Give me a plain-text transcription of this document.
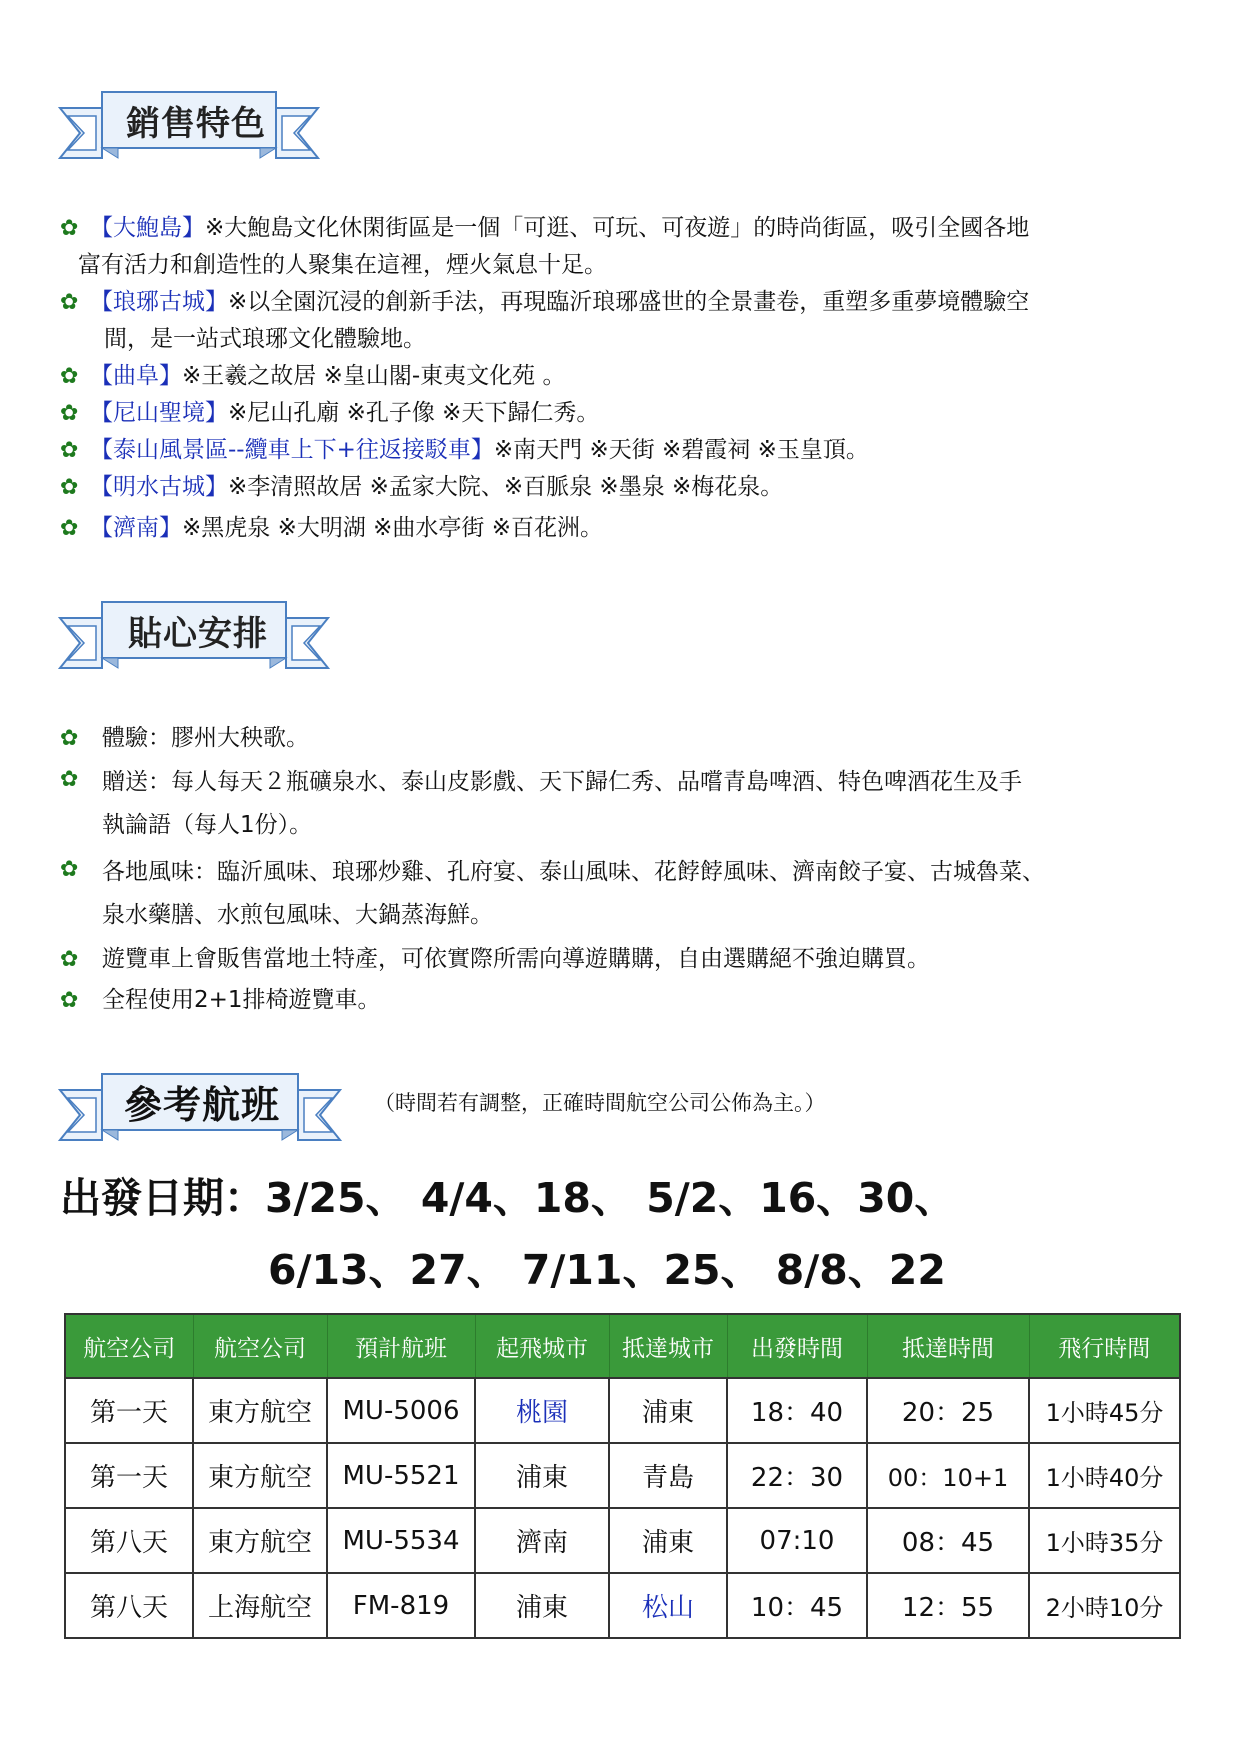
銷售特色
✿ 【大鮑島】※大鮑島文化休閑街區是一個「可逛、可玩、可夜遊」的時尚街區，吸引全國各地
富有活力和創造性的人聚集在這裡，煙火氣息十足。
✿ 【琅琊古城】※以全園沉浸的創新手法，再現臨沂琅琊盛世的全景畫卷，重塑多重夢境體驗空
間，是一站式琅琊文化體驗地。
✿ 【曲阜】※王羲之故居 ※皇山閣-東夷文化苑 。
✿ 【尼山聖境】※尼山孔廟 ※孔子像 ※天下歸仁秀。
✿ 【泰山風景區--纜車上下+往返接駁車】※南天門 ※天街 ※碧霞祠 ※玉皇頂。
✿ 【明水古城】※李清照故居 ※孟家大院、※百脈泉 ※墨泉 ※梅花泉。
✿ 【濟南】※黑虎泉 ※大明湖 ※曲水亭街 ※百花洲。
貼心安排
✿ 體驗：膠州大秧歌。
✿ 贈送：每人每天２瓶礦泉水、泰山皮影戲、天下歸仁秀、品嚐青島啤酒、特色啤酒花生及手
執論語（每人1份）。
✿ 各地風味：臨沂風味、琅琊炒雞、孔府宴、泰山風味、花餑餑風味、濟南餃子宴、古城魯菜、
泉水藥膳、水煎包風味、大鍋蒸海鮮。
✿ 遊覽車上會販售當地土特產，可依實際所需向導遊購購，自由選購絕不強迫購買。
✿ 全程使用2+1排椅遊覽車。
參考航班	（時間若有調整，正確時間航空公司公佈為主。）
出發日期：3/25、 4/4、18、 5/2、16、30、
6/13、27、 7/11、25、 8/8、22
航空公司	航空公司	預計航班	起飛城市	抵達城市	出發時間	抵達時間	飛行時間
第一天	東方航空	MU-5006	桃園	浦東	18：40	20：25	1小時45分
第一天	東方航空	MU-5521	浦東	青島	22：30	00：10+1	1小時40分
第八天	東方航空	MU-5534	濟南	浦東	07:10	08：45	1小時35分
第八天	上海航空	FM-819	浦東	松山	10：45	12：55	2小時10分
